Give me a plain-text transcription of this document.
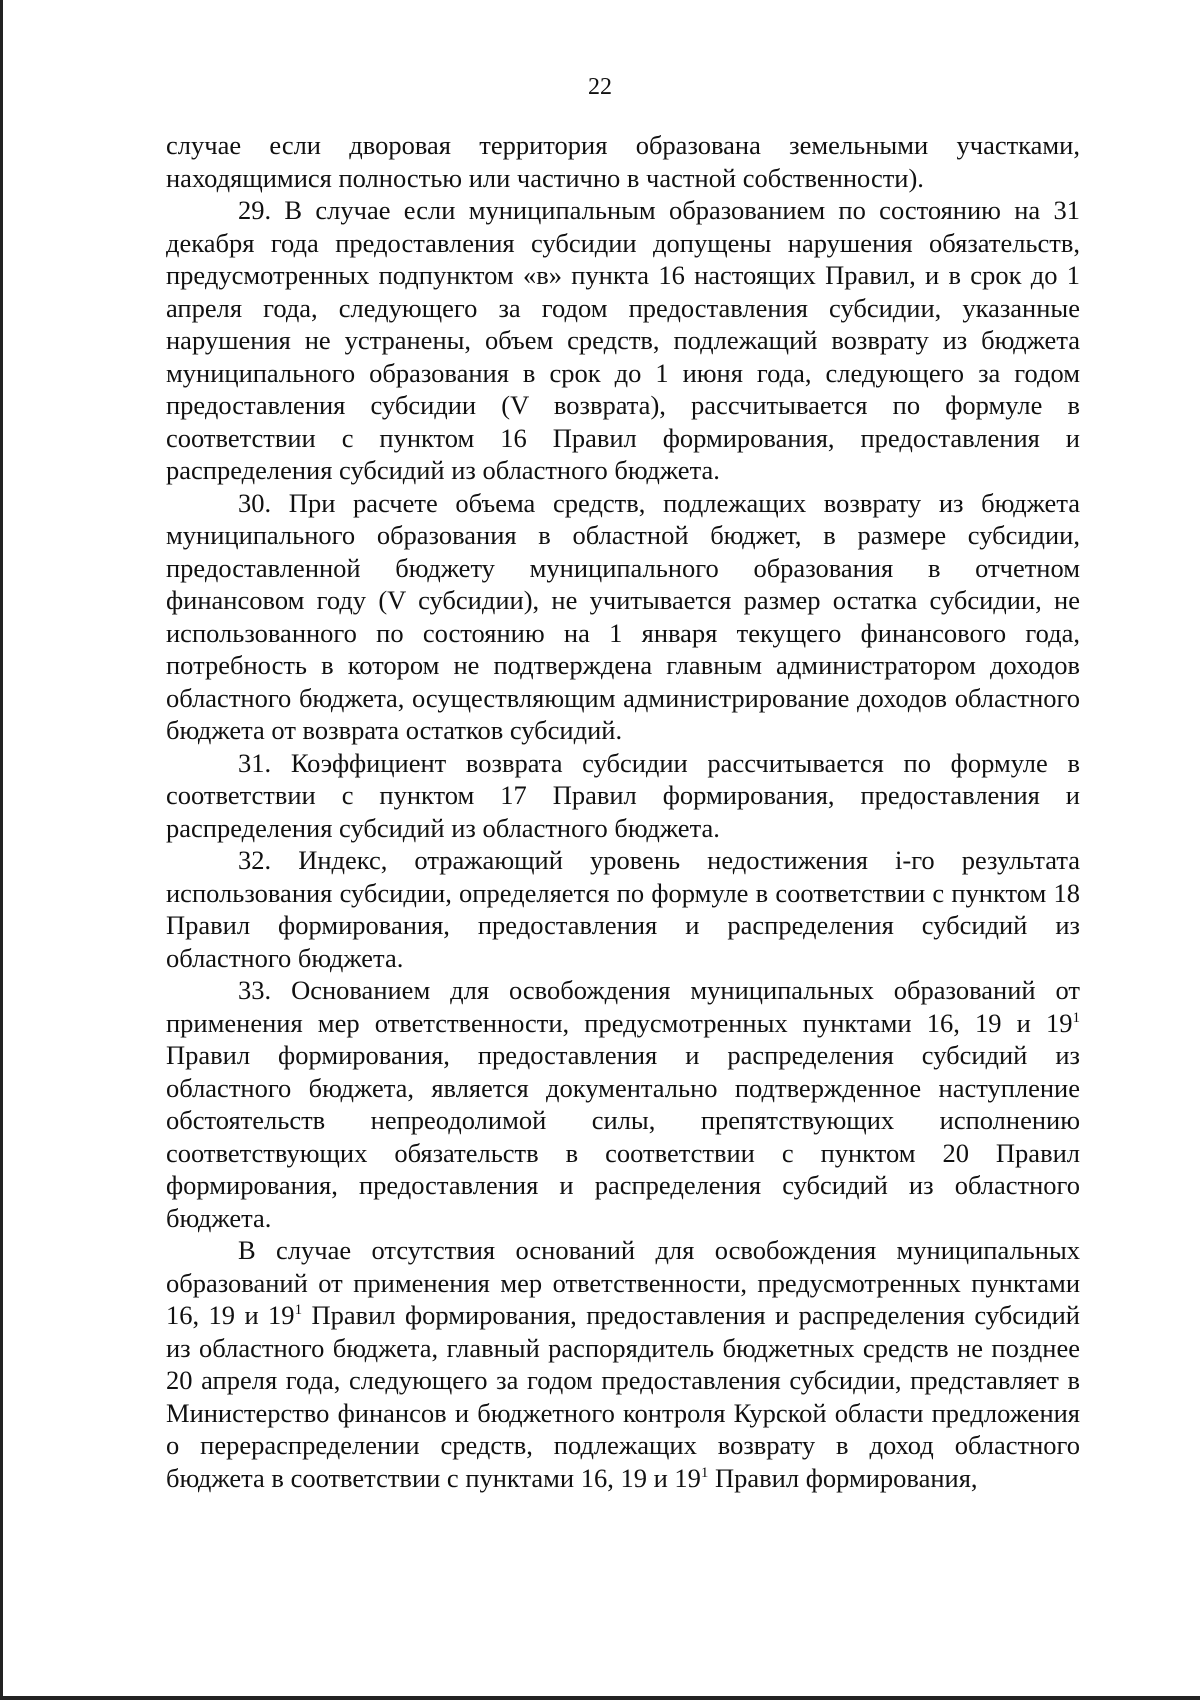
22

случае если дворовая территория образована земельными участками, находящимися полностью или частично в частной собственности).

29. В случае если муниципальным образованием по состоянию на 31 декабря года предоставления субсидии допущены нарушения обязательств, предусмотренных подпунктом «в» пункта 16 настоящих Правил, и в срок до 1 апреля года, следующего за годом предоставления субсидии, указанные нарушения не устранены, объем средств, подлежащий возврату из бюджета муниципального образования в срок до 1 июня года, следующего за годом предоставления субсидии (V возврата), рассчитывается по формуле в соответствии с пунктом 16 Правил формирования, предоставления и распределения субсидий из областного бюджета.

30. При расчете объема средств, подлежащих возврату из бюджета муниципального образования в областной бюджет, в размере субсидии, предоставленной бюджету муниципального образования в отчетном финансовом году (V субсидии), не учитывается размер остатка субсидии, не использованного по состоянию на 1 января текущего финансового года, потребность в котором не подтверждена главным администратором доходов областного бюджета, осуществляющим администрирование доходов областного бюджета от возврата остатков субсидий.

31. Коэффициент возврата субсидии рассчитывается по формуле в соответствии с пунктом 17 Правил формирования, предоставления и распределения субсидий из областного бюджета.

32. Индекс, отражающий уровень недостижения i-го результата использования субсидии, определяется по формуле в соответствии с пунктом 18 Правил формирования, предоставления и распределения субсидий из областного бюджета.

33. Основанием для освобождения муниципальных образований от применения мер ответственности, предусмотренных пунктами 16, 19 и $19^1$ Правил формирования, предоставления и распределения субсидий из областного бюджета, является документально подтвержденное наступление обстоятельств непреодолимой силы, препятствующих исполнению соответствующих обязательств в соответствии с пунктом 20 Правил формирования, предоставления и распределения субсидий из областного бюджета.

В случае отсутствия оснований для освобождения муниципальных образований от применения мер ответственности, предусмотренных пунктами 16, 19 и $19^1$ Правил формирования, предоставления и распределения субсидий из областного бюджета, главный распорядитель бюджетных средств не позднее 20 апреля года, следующего за годом предоставления субсидии, представляет в Министерство финансов и бюджетного контроля Курской области предложения о перераспределении средств, подлежащих возврату в доход областного бюджета в соответствии с пунктами 16, 19 и $19^1$ Правил формирования,
